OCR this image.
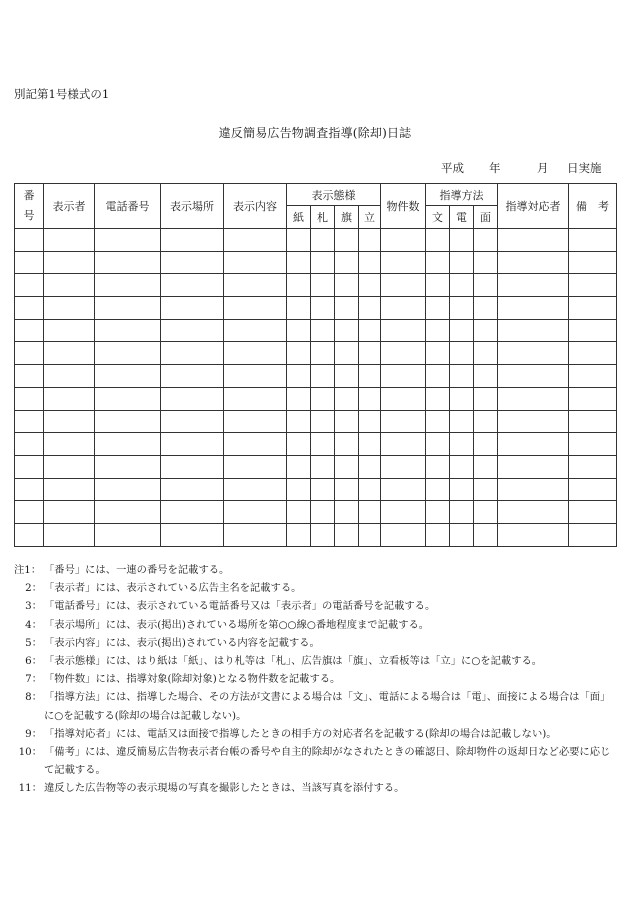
別記第1号様式の1
違反簡易広告物調査指導(除却)日誌
平成 年	月 日実施
番
号	表示者	電話番号	表示場所	表示内容	表示態様				物件数	指導方法			指導対応者	備　考
					紙	札	旗	立		文	電	面		

注1： 「番号」には、一連の番号を記載する。
2： 「表示者」には、表示されている広告主名を記載する。
3： 「電話番号」には、表示されている電話番号又は「表示者」の電話番号を記載する。
4： 「表示場所」には、表示(掲出)されている場所を第○○線○番地程度まで記載する。
5： 「表示内容」には、表示(掲出)されている内容を記載する。
6： 「表示態様」には、はり紙は「紙」、はり札等は「札」、広告旗は「旗」、立看板等は「立」に○を記載する。
7： 「物件数」には、指導対象(除却対象)となる物件数を記載する。
8： 「指導方法」には、指導した場合、その方法が文書による場合は「文」、電話による場合は「電」、面接による場合は「面」に○を記載する(除却の場合は記載しない)。
9： 「指導対応者」には、電話又は面接で指導したときの相手方の対応者名を記載する(除却の場合は記載しない)。
10： 「備考」には、違反簡易広告物表示者台帳の番号や自主的除却がなされたときの確認日、除却物件の返却日など必要に応じて記載する。
11： 違反した広告物等の表示現場の写真を撮影したときは、当該写真を添付する。
